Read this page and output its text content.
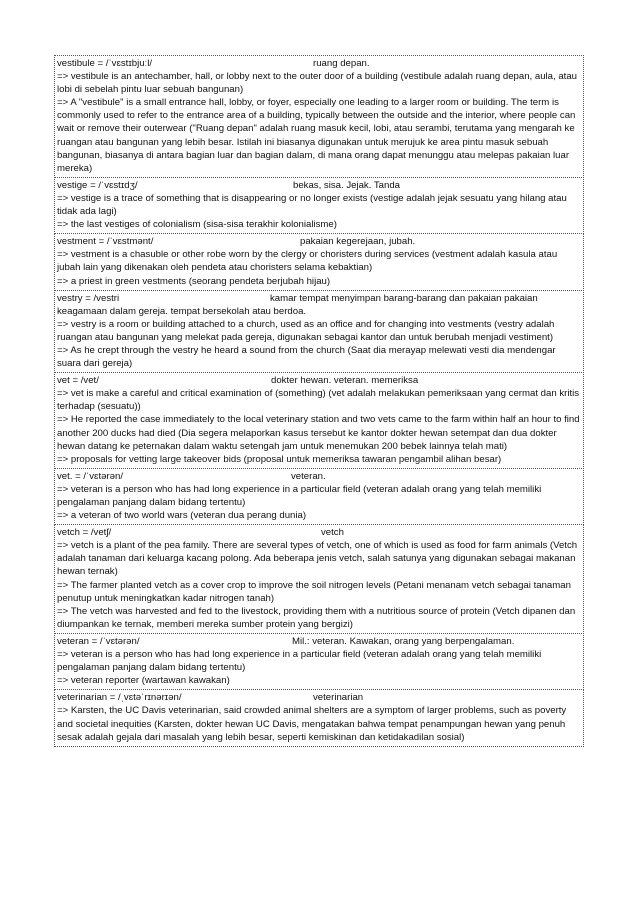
vestibule = /ˈvɛstɪbjuːl/	ruang depan.
=> vestibule is an antechamber, hall, or lobby next to the outer door of a building (vestibule adalah ruang depan, aula, atau lobi di sebelah pintu luar sebuah bangunan)
=> A "vestibule" is a small entrance hall, lobby, or foyer, especially one leading to a larger room or building. The term is commonly used to refer to the entrance area of a building, typically between the outside and the interior, where people can wait or remove their outerwear ("Ruang depan" adalah ruang masuk kecil, lobi, atau serambi, terutama yang mengarah ke ruangan atau bangunan yang lebih besar. Istilah ini biasanya digunakan untuk merujuk ke area pintu masuk sebuah bangunan, biasanya di antara bagian luar dan bagian dalam, di mana orang dapat menunggu atau melepas pakaian luar mereka)
vestige = /ˈvɛstɪdʒ/	bekas, sisa. Jejak. Tanda
=> vestige is a trace of something that is disappearing or no longer exists (vestige adalah jejak sesuatu yang hilang atau tidak ada lagi)
=> the last vestiges of colonialism (sisa-sisa terakhir kolonialisme)
vestment = /ˈvɛstmənt/	pakaian kegerejaan, jubah.
=> vestment is a chasuble or other robe worn by the clergy or choristers during services (vestment adalah kasula atau jubah lain yang dikenakan oleh pendeta atau choristers selama kebaktian)
=> a priest in green vestments (seorang pendeta berjubah hijau)
vestry = /vestri	kamar tempat menyimpan barang-barang dan pakaian pakaian keagamaan dalam gereja. tempat bersekolah atau berdoa.
=> vestry is a room or building attached to a church, used as an office and for changing into vestments (vestry adalah ruangan atau bangunan yang melekat pada gereja, digunakan sebagai kantor dan untuk berubah menjadi vestiment)
=> As he crept through the vestry he heard a sound from the church (Saat dia merayap melewati vesti dia mendengar suara dari gereja)
vet = /vet/	dokter hewan. veteran. memeriksa
=> vet is make a careful and critical examination of (something) (vet adalah melakukan pemeriksaan yang cermat dan kritis terhadap (sesuatu))
=> He reported the case immediately to the local veterinary station and two vets came to the farm within half an hour to find another 200 ducks had died (Dia segera melaporkan kasus tersebut ke kantor dokter hewan setempat dan dua dokter hewan datang ke peternakan dalam waktu setengah jam untuk menemukan 200 bebek lainnya telah mati)
=> proposals for vetting large takeover bids (proposal untuk memeriksa tawaran pengambil alihan besar)
vet. = /ˈvɛtərən/	veteran.
=> veteran is a person who has had long experience in a particular field (veteran adalah orang yang telah memiliki pengalaman panjang dalam bidang tertentu)
=> a veteran of two world wars (veteran dua perang dunia)
vetch = /vetʃ/	vetch
=> vetch is a plant of the pea family. There are several types of vetch, one of which is used as food for farm animals (Vetch adalah tanaman dari keluarga kacang polong. Ada beberapa jenis vetch, salah satunya yang digunakan sebagai makanan hewan ternak)
=> The farmer planted vetch as a cover crop to improve the soil nitrogen levels (Petani menanam vetch sebagai tanaman penutup untuk meningkatkan kadar nitrogen tanah)
=> The vetch was harvested and fed to the livestock, providing them with a nutritious source of protein (Vetch dipanen dan diumpankan ke ternak, memberi mereka sumber protein yang bergizi)
veteran = /ˈvɛtərən/	Mil.: veteran. Kawakan, orang yang berpengalaman.
=> veteran is a person who has had long experience in a particular field (veteran adalah orang yang telah memiliki pengalaman panjang dalam bidang tertentu)
=> veteran reporter (wartawan kawakan)
veterinarian = /ˌvɛtəˈrɪnərɪən/	veterinarian
=> Karsten, the UC Davis veterinarian, said crowded animal shelters are a symptom of larger problems, such as poverty and societal inequities (Karsten, dokter hewan UC Davis, mengatakan bahwa tempat penampungan hewan yang penuh sesak adalah gejala dari masalah yang lebih besar, seperti kemiskinan dan ketidakadilan sosial)
